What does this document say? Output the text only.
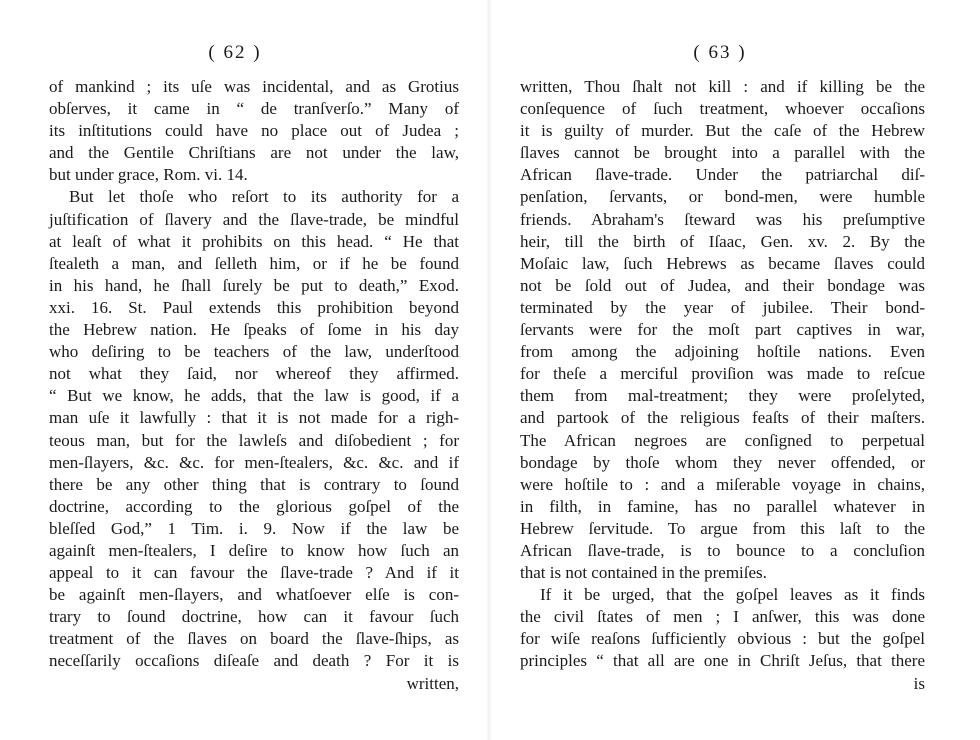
( 62 )
of mankind ; its uſe was incidental, and as Grotius
obſerves, it came in “ de tranſverſo.” Many of
its inſtitutions could have no place out of Judea ;
and the Gentile Chriſtians are not under the law,
but under grace, Rom. vi. 14.
But let thoſe who reſort to its authority for a
juſtification of ſlavery and the ſlave-trade, be mindful
at leaſt of what it prohibits on this head. “ He that
ſtealeth a man, and ſelleth him, or if he be found
in his hand, he ſhall ſurely be put to death,” Exod.
xxi. 16. St. Paul extends this prohibition beyond
the Hebrew nation. He ſpeaks of ſome in his day
who deſiring to be teachers of the law, underſtood
not what they ſaid, nor whereof they affirmed.
“ But we know, he adds, that the law is good, if a
man uſe it lawfully : that it is not made for a righ-
teous man, but for the lawleſs and diſobedient ; for
men-ſlayers, &c. &c. for men-ſtealers, &c. &c. and if
there be any other thing that is contrary to ſound
doctrine, according to the glorious goſpel of the
bleſſed God,” 1 Tim. i. 9. Now if the law be
againſt men-ſtealers, I deſire to know how ſuch an
appeal to it can favour the ſlave-trade ? And if it
be againſt men-ſlayers, and whatſoever elſe is con-
trary to ſound doctrine, how can it favour ſuch
treatment of the ſlaves on board the ſlave-ſhips, as
neceſſarily occaſions diſeaſe and death ? For it is
written,
( 63 )
written, Thou ſhalt not kill : and if killing be the
conſequence of ſuch treatment, whoever occaſions
it is guilty of murder. But the caſe of the Hebrew
ſlaves cannot be brought into a parallel with the
African ſlave-trade. Under the patriarchal diſ-
penſation, ſervants, or bond-men, were humble
friends. Abraham's ſteward was his preſumptive
heir, till the birth of Iſaac, Gen. xv. 2. By the
Moſaic law, ſuch Hebrews as became ſlaves could
not be ſold out of Judea, and their bondage was
terminated by the year of jubilee. Their bond-
ſervants were for the moſt part captives in war,
from among the adjoining hoſtile nations. Even
for theſe a merciful proviſion was made to reſcue
them from mal-treatment; they were proſelyted,
and partook of the religious feaſts of their maſters.
The African negroes are conſigned to perpetual
bondage by thoſe whom they never offended, or
were hoſtile to : and a miſerable voyage in chains,
in filth, in famine, has no parallel whatever in
Hebrew ſervitude. To argue from this laſt to the
African ſlave-trade, is to bounce to a concluſion
that is not contained in the premiſes.
If it be urged, that the goſpel leaves as it finds
the civil ſtates of men ; I anſwer, this was done
for wiſe reaſons ſufficiently obvious : but the goſpel
principles “ that all are one in Chriſt Jeſus, that there
is
